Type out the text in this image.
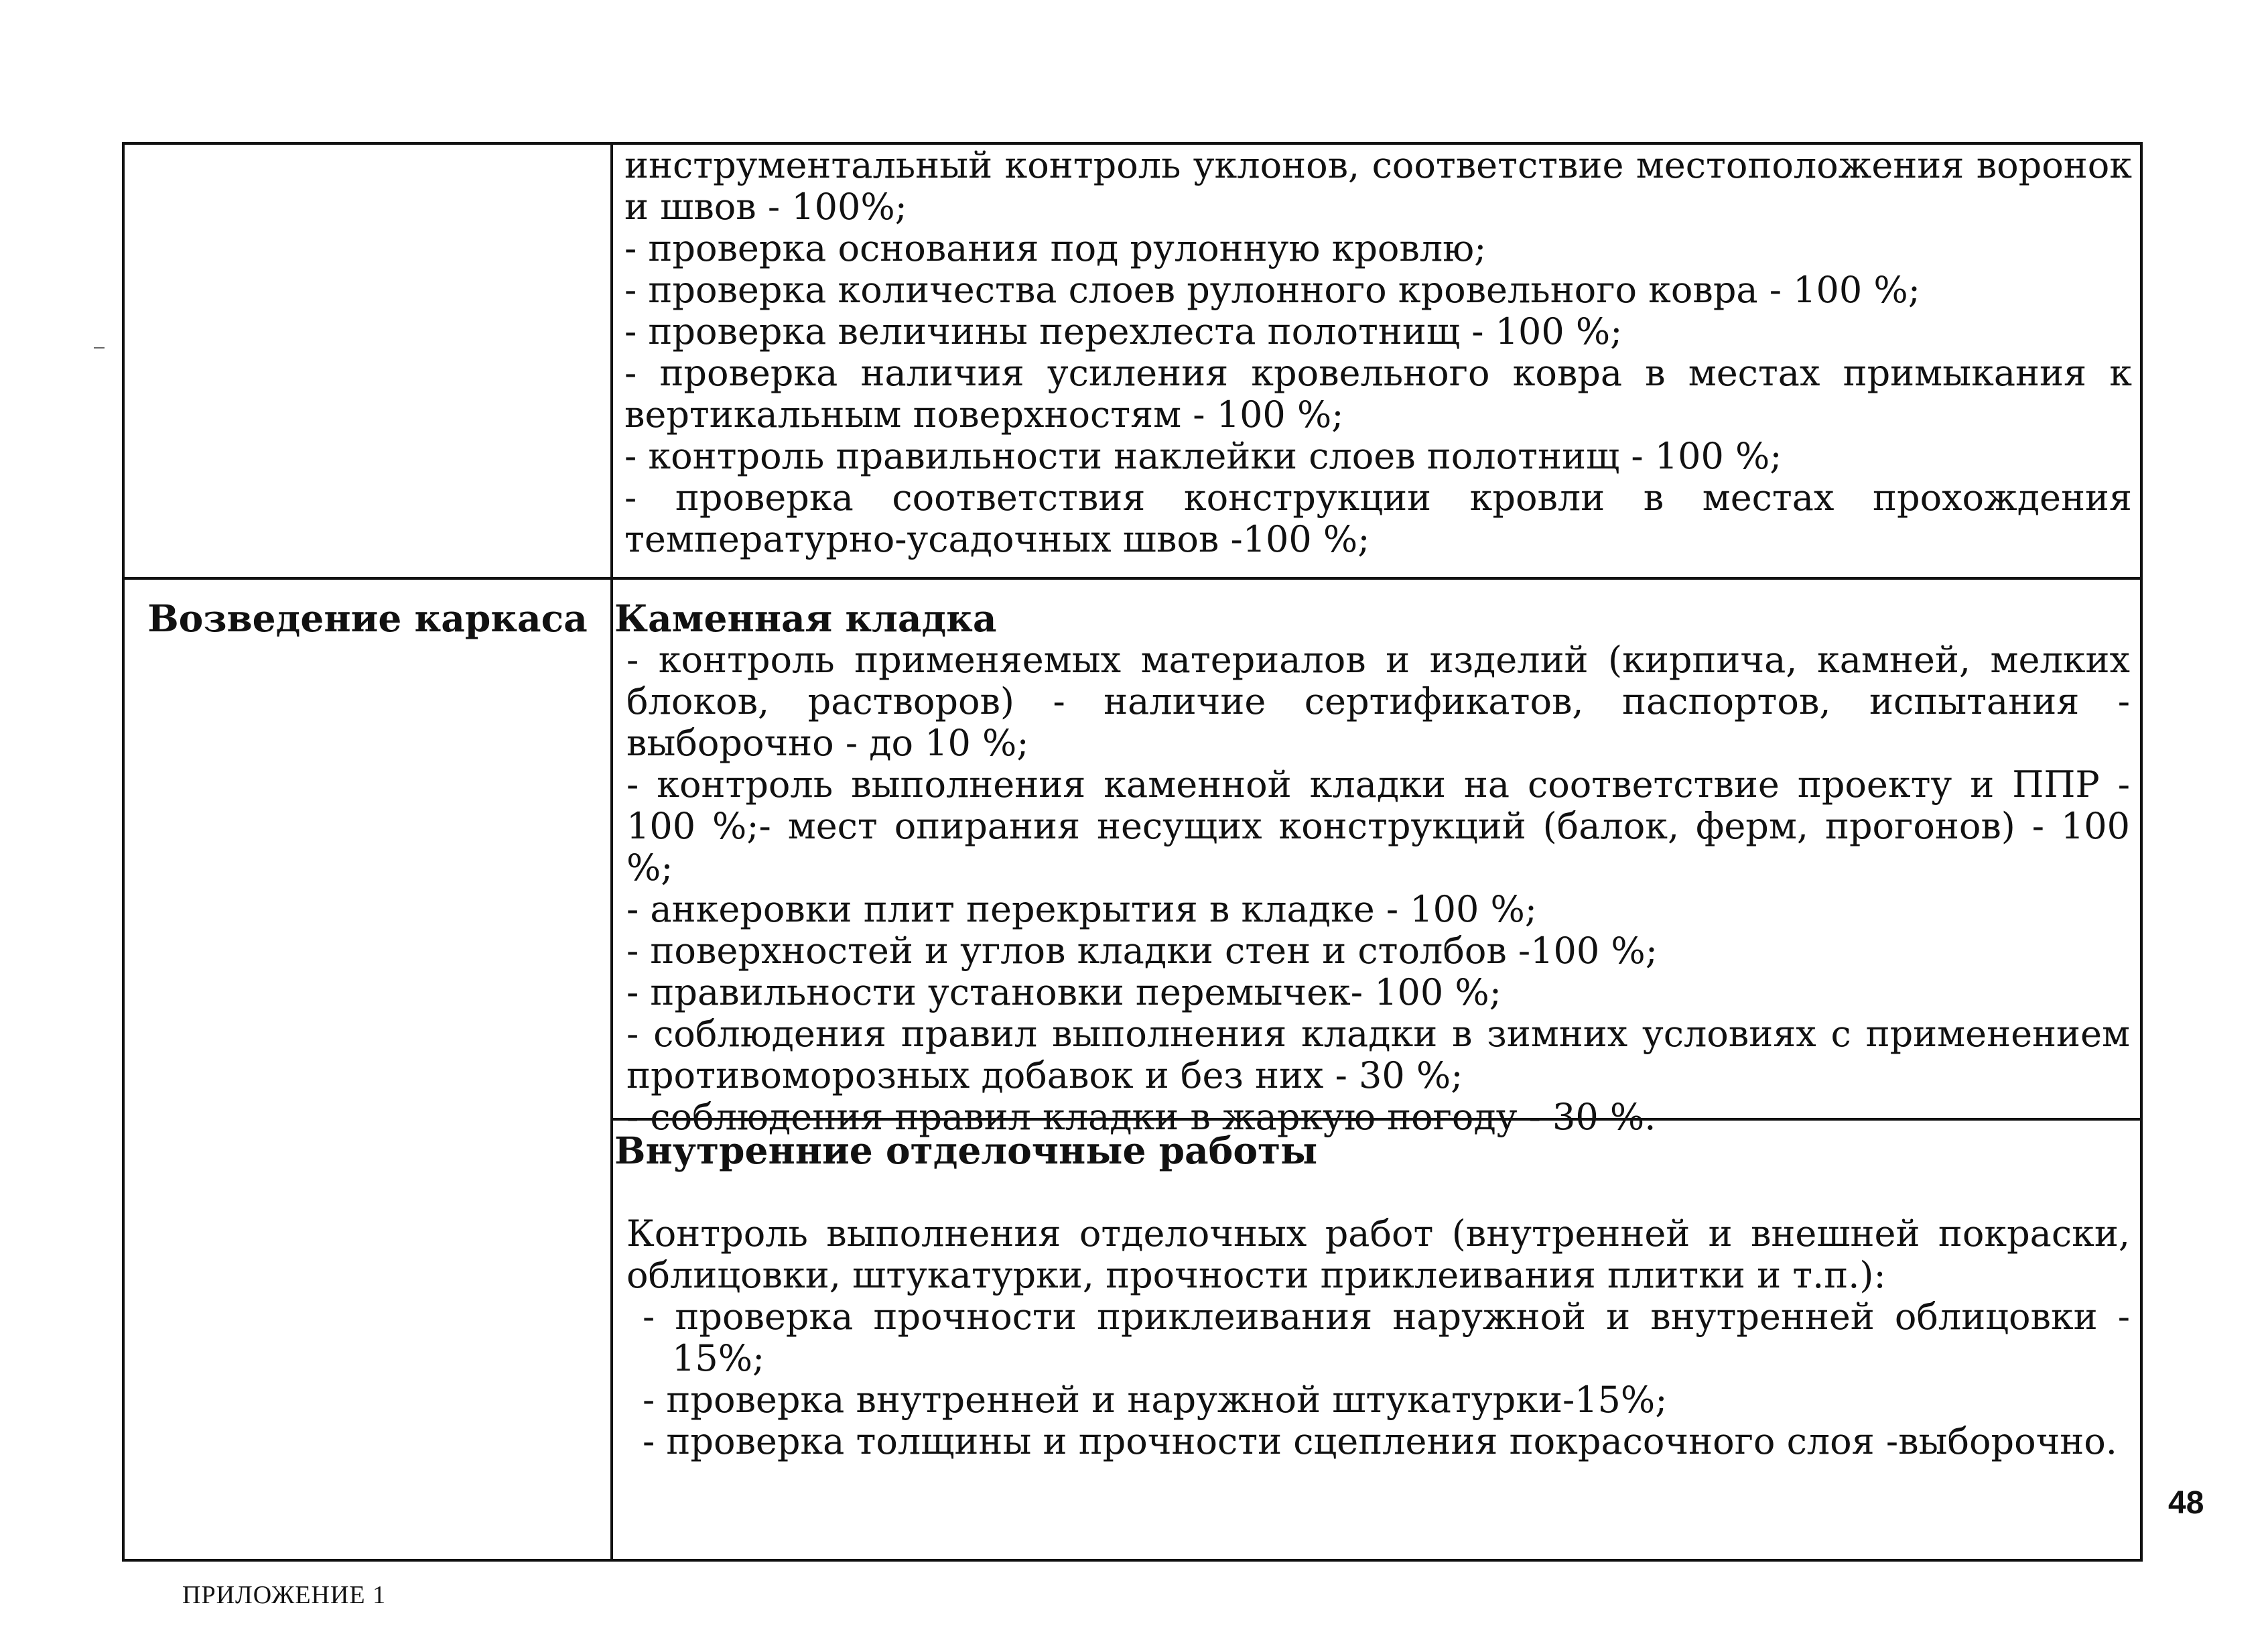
инструментальный контроль уклонов, соответствие местоположения воронок и швов - 100%;
- проверка основания под рулонную кровлю;
- проверка количества слоев рулонного кровельного ковра - 100 %;
- проверка величины перехлеста полотнищ - 100 %;
- проверка наличия усиления кровельного ковра в местах примыкания к вертикальным поверхностям - 100 %;
- контроль правильности наклейки слоев полотнищ - 100 %;
- проверка соответствия конструкции кровли в местах прохождения температурно-усадочных швов -100 %;
Возведение каркаса Каменная кладка
- контроль применяемых материалов и изделий (кирпича, камней, мелких блоков, растворов) - наличие сертификатов, паспортов, испытания - выборочно - до 10 %;
- контроль выполнения каменной кладки на соответствие проекту и ППР - 100 %;- мест опирания несущих конструкций (балок, ферм, прогонов) - 100 %;
- анкеровки плит перекрытия в кладке - 100 %;
- поверхностей и углов кладки стен и столбов -100 %;
- правильности установки перемычек- 100 %;
- соблюдения правил выполнения кладки в зимних условиях с применением противоморозных добавок и без них - 30 %;
- соблюдения правил кладки в жаркую погоду - 30 %.
Внутренние отделочные работы
Контроль выполнения отделочных работ (внутренней и внешней покраски, облицовки, штукатурки, прочности приклеивания плитки и т.п.):
- проверка прочности приклеивания наружной и внутренней облицовки - 15%;
- проверка внутренней и наружной штукатурки-15%;
- проверка толщины и прочности сцепления покрасочного слоя -выборочно.
48
ПРИЛОЖЕНИЕ 1
